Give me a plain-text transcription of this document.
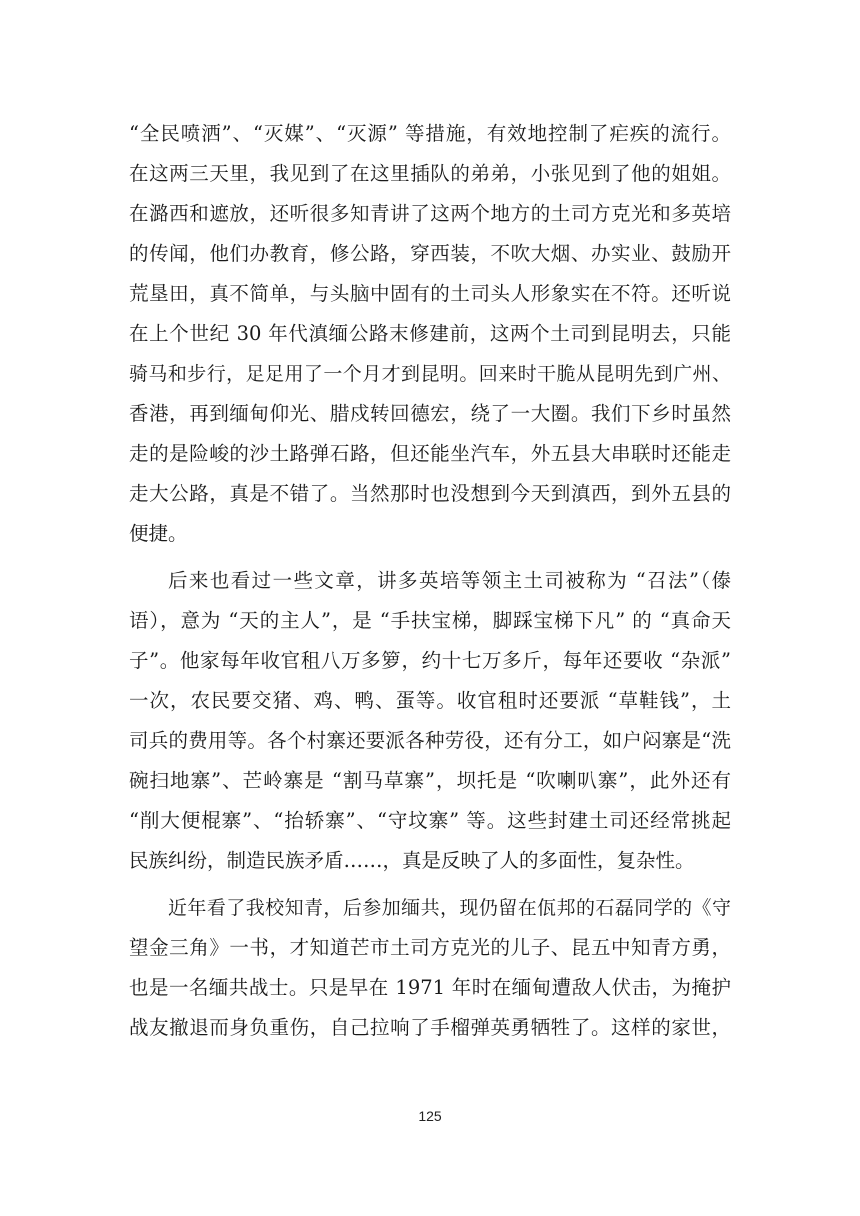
“全民喷洒”、“灭媒”、“灭源” 等措施，有效地控制了疟疾的流行。
在这两三天里，我见到了在这里插队的弟弟，小张见到了他的姐姐。
在潞西和遮放，还听很多知青讲了这两个地方的土司方克光和多英培
的传闻，他们办教育，修公路，穿西装，不吹大烟、办实业、鼓励开
荒垦田，真不简单，与头脑中固有的土司头人形象实在不符。还听说
在上个世纪 30 年代滇缅公路末修建前，这两个土司到昆明去，只能
骑马和步行，足足用了一个月才到昆明。回来时干脆从昆明先到广州、
香港，再到缅甸仰光、腊戍转回德宏，绕了一大圈。我们下乡时虽然
走的是险峻的沙土路弹石路，但还能坐汽车，外五县大串联时还能走
走大公路，真是不错了。当然那时也没想到今天到滇西，到外五县的
便捷。
后来也看过一些文章，讲多英培等领主土司被称为 “召法”（傣
语），意为 “天的主人”，是 “手扶宝梯，脚踩宝梯下凡” 的 “真命天
子”。他家每年收官租八万多箩，约十七万多斤，每年还要收 “杂派”
一次，农民要交猪、鸡、鸭、蛋等。收官租时还要派 “草鞋钱”，土
司兵的费用等。各个村寨还要派各种劳役，还有分工，如户闷寨是“洗
碗扫地寨”、芒岭寨是 “割马草寨”，坝托是 “吹喇叭寨”，此外还有
“削大便棍寨”、“抬轿寨”、“守坟寨” 等。这些封建土司还经常挑起
民族纠纷，制造民族矛盾……，真是反映了人的多面性，复杂性。
近年看了我校知青，后参加缅共，现仍留在佤邦的石磊同学的《守
望金三角》一书，才知道芒市土司方克光的儿子、昆五中知青方勇，
也是一名缅共战士。只是早在 1971 年时在缅甸遭敌人伏击，为掩护
战友撤退而身负重伤，自己拉响了手榴弹英勇牺牲了。这样的家世，
125
